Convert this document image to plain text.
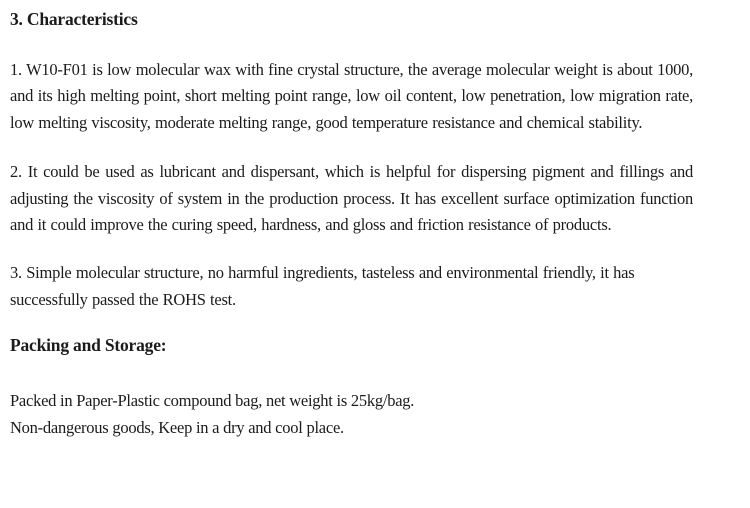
3. Characteristics

1. W10-F01 is low molecular wax with fine crystal structure, the average molecular weight is about 1000, and its high melting point, short melting point range, low oil content, low penetration, low migration rate, low melting viscosity, moderate melting range, good temperature resistance and chemical stability.

2. It could be used as lubricant and dispersant, which is helpful for dispersing pigment and fillings and adjusting the viscosity of system in the production process. It has excellent surface optimization function and it could improve the curing speed, hardness, and gloss and friction resistance of products.

3. Simple molecular structure, no harmful ingredients, tasteless and environmental friendly, it has successfully passed the ROHS test.

Packing and Storage:
Packed in Paper-Plastic compound bag, net weight is 25kg/bag.
Non-dangerous goods, Keep in a dry and cool place.
